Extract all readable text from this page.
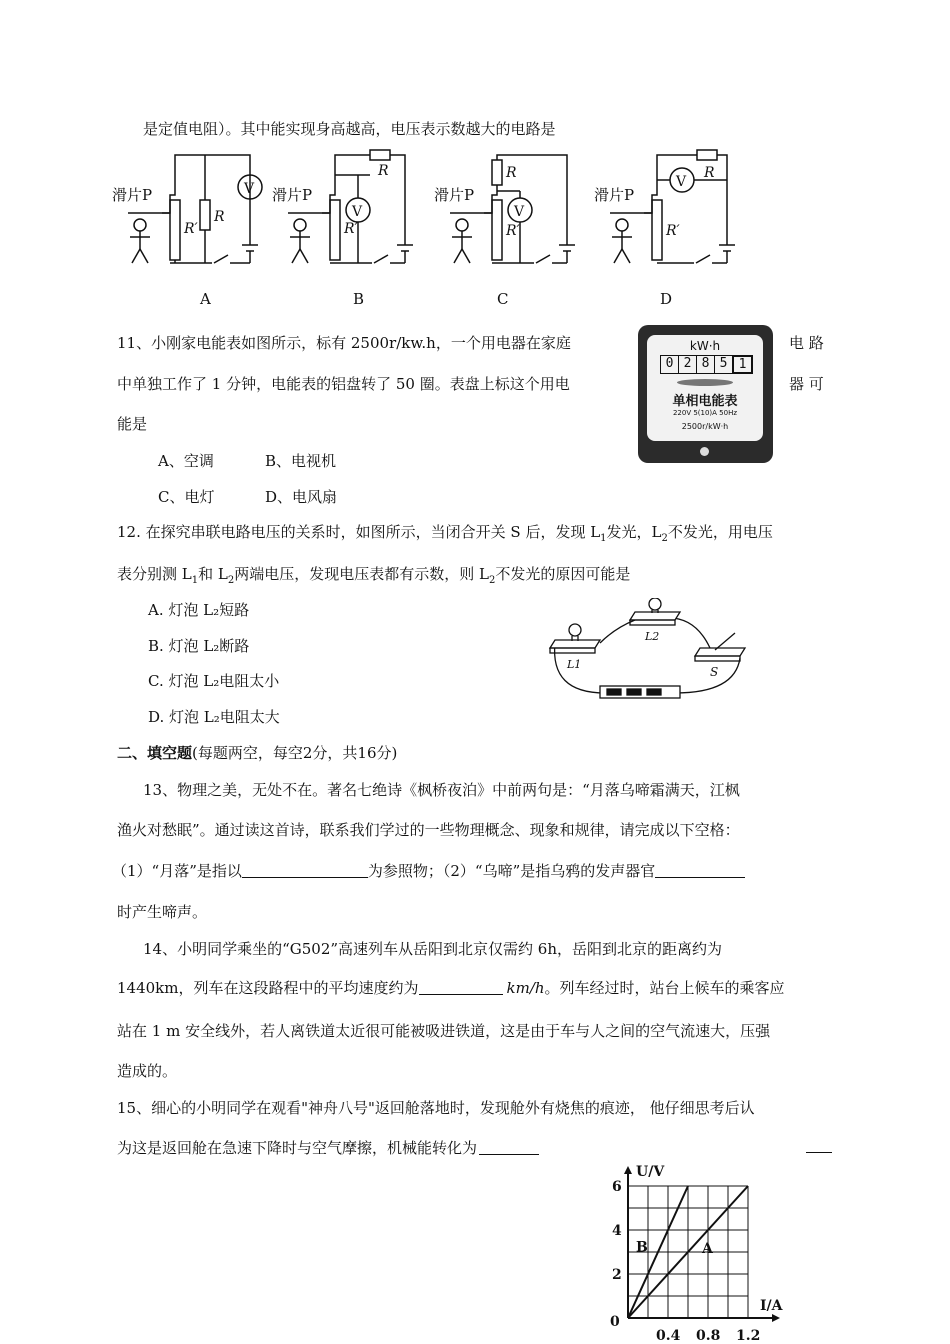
是定值电阻）。其中能实现身高越高，电压表示数越大的电路是
滑片P
R′
R
V 滑片P
R
R′
V
滑片P
R
R′
V
滑片P
R
V
R′
A	B	C	D
11、小刚家电能表如图所示，标有 2500r/kw.h，一个用电器在家庭	电 路
中单独工作了 1 分钟，电能表的铝盘转了 50 圈。表盘上标这个用电	器 可
能是
A、空调	B、电视机
C、电灯	D、电风扇
kW·h
0 2 8 5 1
单相电能表
220V 5(10)A 50Hz
2500r/kW·h
12. 在探究串联电路电压的关系时，如图所示，当闭合开关 S 后，发现 $L_1$发光，$L_2$不发光，用电压
表分别测 $L_1$和 $L_2$两端电压，发现电压表都有示数，则 $L_2$不发光的原因可能是
A. 灯泡 L₂短路
B. 灯泡 L₂断路
C. 灯泡 L₂电阻太小
D. 灯泡 L₂电阻太大
L1
L2
S
二、填空题(每题两空，每空2分，共16分)
13、物理之美，无处不在。著名七绝诗《枫桥夜泊》中前两句是：“月落乌啼霜满天，江枫
渔火对愁眠”。通过读这首诗，联系我们学过的一些物理概念、现象和规律，请完成以下空格：
（1）“月落”是指以	为参照物；（2）“乌啼”是指乌鸦的发声器官
时产生啼声。
14、小明同学乘坐的“G502”高速列车从岳阳到北京仅需约 6h，岳阳到北京的距离约为
1440km，列车在这段路程中的平均速度约为	km/h。列车经过时，站台上候车的乘客应
站在 1 m 安全线外，若人离铁道太近很可能被吸进铁道，这是由于车与人之间的空气流速大，压强
造成的。
15、细心的小明同学在观看"神舟八号"返回舱落地时，发现舱外有烧焦的痕迹， 他仔细思考后认
为这是返回舱在急速下降时与空气摩擦，机械能转化为
A
B
U/V
I/A
0
0.4 0.8 1.2
2
4
6
